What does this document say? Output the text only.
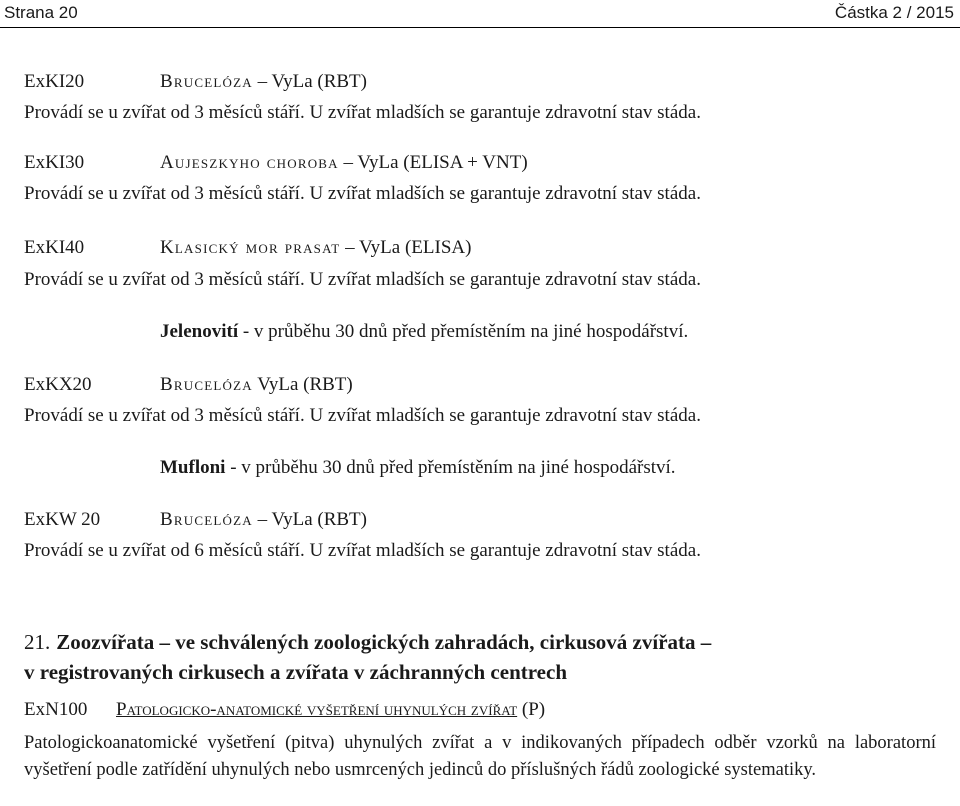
Strana 20	Částka 2 / 2015
ExKI20	Brucelóza – VyLa (RBT)
Provádí se u zvířat od 3 měsíců stáří. U zvířat mladších se garantuje zdravotní stav stáda.
ExKI30	Aujeszkyho choroba – VyLa (ELISA + VNT)
Provádí se u zvířat od 3 měsíců stáří. U zvířat mladších se garantuje zdravotní stav stáda.
ExKI40	Klasický mor prasat – VyLa (ELISA)
Provádí se u zvířat od 3 měsíců stáří. U zvířat mladších se garantuje zdravotní stav stáda.
Jelenovití - v průběhu 30 dnů před přemístěním na jiné hospodářství.
ExKX20	Brucelóza VyLa (RBT)
Provádí se u zvířat od 3 měsíců stáří. U zvířat mladších se garantuje zdravotní stav stáda.
Mufloni - v průběhu 30 dnů před přemístěním na jiné hospodářství.
ExKW 20	Brucelóza – VyLa (RBT)
Provádí se u zvířat od 6 měsíců stáří. U zvířat mladších se garantuje zdravotní stav stáda.
21. Zoozvířata – ve schválených zoologických zahradách, cirkusová zvířata –
v registrovaných cirkusech a zvířata v záchranných centrech
ExN100 Patologicko-anatomické vyšetření uhynulých zvířat (P)
Patologickoanatomické vyšetření (pitva) uhynulých zvířat a v indikovaných případech odběr vzorků na laboratorní vyšetření podle zatřídění uhynulých nebo usmrcených jedinců do příslušných řádů zoologické systematiky.
